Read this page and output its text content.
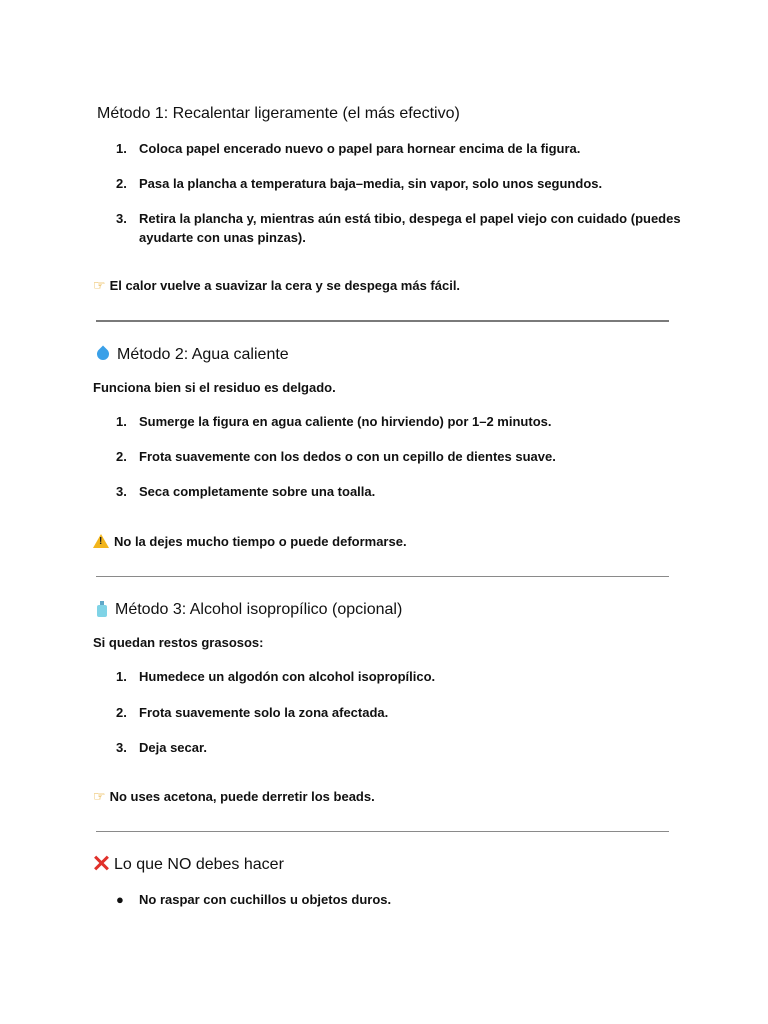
Método 1: Recalentar ligeramente (el más efectivo)
1. Coloca papel encerado nuevo o papel para hornear encima de la figura.
2. Pasa la plancha a temperatura baja–media, sin vapor, solo unos segundos.
3. Retira la plancha y, mientras aún está tibio, despega el papel viejo con cuidado (puedes ayudarte con unas pinzas).
☞ El calor vuelve a suavizar la cera y se despega más fácil.
Método 2: Agua caliente
Funciona bien si el residuo es delgado.
1. Sumerge la figura en agua caliente (no hirviendo) por 1–2 minutos.
2. Frota suavemente con los dedos o con un cepillo de dientes suave.
3. Seca completamente sobre una toalla.
!No la dejes mucho tiempo o puede deformarse.
Método 3: Alcohol isopropílico (opcional)
Si quedan restos grasosos:
1. Humedece un algodón con alcohol isopropílico.
2. Frota suavemente solo la zona afectada.
3. Deja secar.
☞ No uses acetona, puede derretir los beads.
Lo que NO debes hacer
●	No raspar con cuchillos u objetos duros.
